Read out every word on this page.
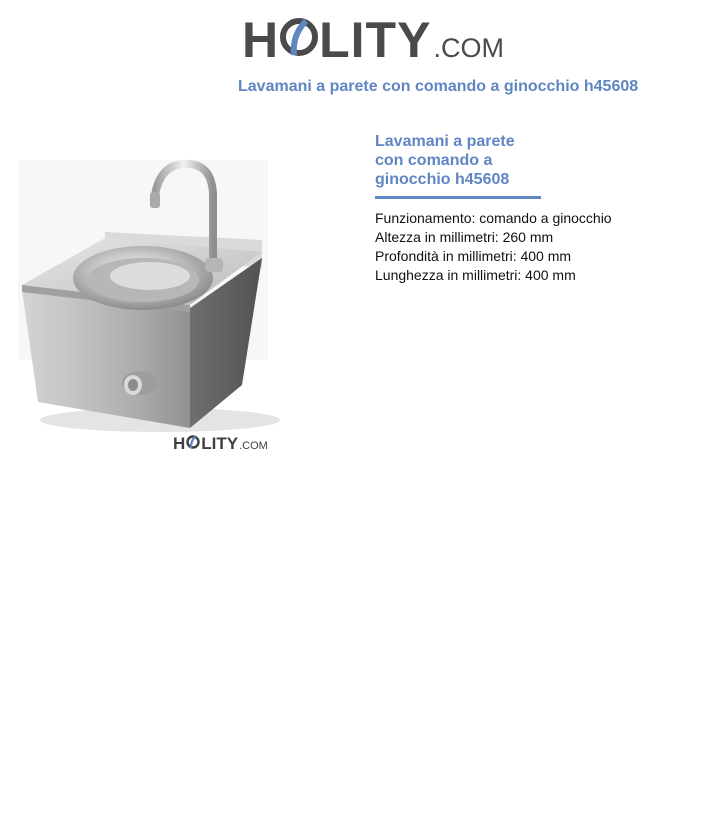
H LITY .COM
Lavamani a parete con comando a ginocchio h45608
H LITY .COM
Lavamani a parete
con comando a
ginocchio h45608
Funzionamento: comando a ginocchio
Altezza in millimetri: 260 mm
Profondità in millimetri: 400 mm
Lunghezza in millimetri: 400 mm
